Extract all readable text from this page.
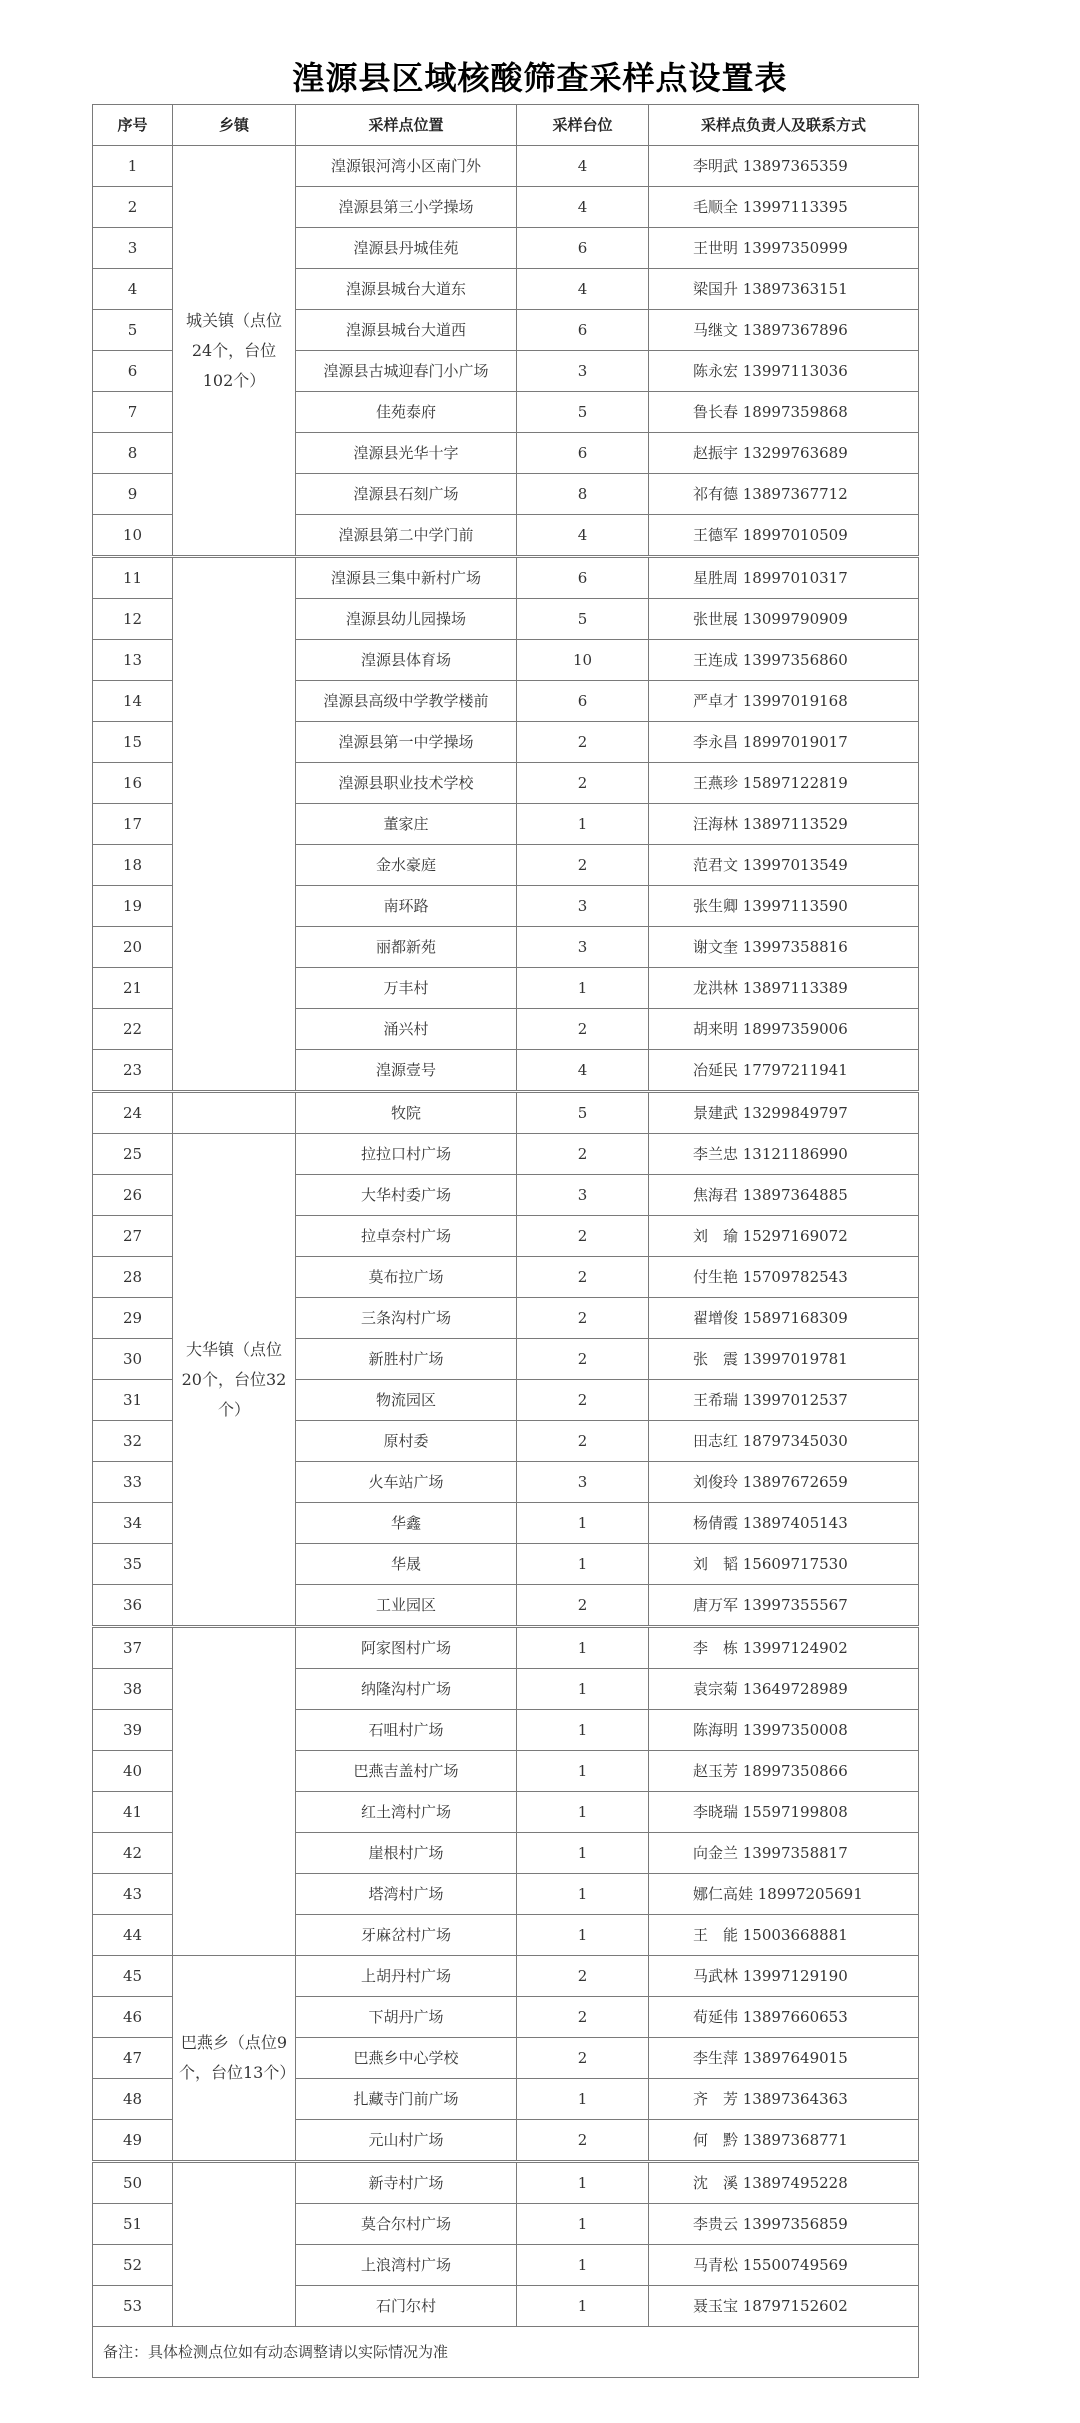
湟源县区域核酸筛查采样点设置表
序号	乡镇	采样点位置	采样台位	采样点负责人及联系方式
1	城关镇（点位24个，台位102个）	湟源银河湾小区南门外	4	李明武 13897365359
2		湟源县第三小学操场	4	毛顺全 13997113395
3		湟源县丹城佳苑	6	王世明 13997350999
4		湟源县城台大道东	4	梁国升 13897363151
5		湟源县城台大道西	6	马继文 13897367896
6		湟源县古城迎春门小广场	3	陈永宏 13997113036
7		佳苑泰府	5	鲁长春 18997359868
8		湟源县光华十字	6	赵振宇 13299763689
9		湟源县石刻广场	8	祁有德 13897367712
10		湟源县第二中学门前	4	王德军 18997010509
11		湟源县三集中新村广场	6	星胜周 18997010317
12		湟源县幼儿园操场	5	张世展 13099790909
13		湟源县体育场	10	王连成 13997356860
14		湟源县高级中学教学楼前	6	严卓才 13997019168
15		湟源县第一中学操场	2	李永昌 18997019017
16		湟源县职业技术学校	2	王燕珍 15897122819
17		董家庄	1	汪海林 13897113529
18		金水豪庭	2	范君文 13997013549
19		南环路	3	张生卿 13997113590
20		丽都新苑	3	谢文奎 13997358816
21		万丰村	1	龙洪林 13897113389
22		涌兴村	2	胡来明 18997359006
23		湟源壹号	4	冶延民 17797211941
24		牧院	5	景建武 13299849797
25	大华镇（点位20个，台位32个）	拉拉口村广场	2	李兰忠 13121186990
26		大华村委广场	3	焦海君 13897364885
27		拉卓奈村广场	2	刘　瑜 15297169072
28		莫布拉广场	2	付生艳 15709782543
29		三条沟村广场	2	翟增俊 15897168309
30		新胜村广场	2	张　震 13997019781
31		物流园区	2	王希瑞 13997012537
32		原村委	2	田志红 18797345030
33		火车站广场	3	刘俊玲 13897672659
34		华鑫	1	杨倩霞 13897405143
35		华晟	1	刘　韬 15609717530
36		工业园区	2	唐万军 13997355567
37		阿家图村广场	1	李　栋 13997124902
38		纳隆沟村广场	1	袁宗菊 13649728989
39		石咀村广场	1	陈海明 13997350008
40		巴燕吉盖村广场	1	赵玉芳 18997350866
41		红土湾村广场	1	李晓瑞 15597199808
42		崖根村广场	1	向金兰 13997358817
43		塔湾村广场	1	娜仁高娃 18997205691
44		牙麻岔村广场	1	王　能 15003668881
45	巴燕乡（点位9个，台位13个）	上胡丹村广场	2	马武林 13997129190
46		下胡丹广场	2	荀延伟 13897660653
47		巴燕乡中心学校	2	李生萍 13897649015
48		扎藏寺门前广场	1	齐　芳 13897364363
49		元山村广场	2	何　黔 13897368771
50		新寺村广场	1	沈　溪 13897495228
51		莫合尔村广场	1	李贵云 13997356859
52		上浪湾村广场	1	马青松 15500749569
53		石门尔村	1	聂玉宝 18797152602
备注：具体检测点位如有动态调整请以实际情况为准				
